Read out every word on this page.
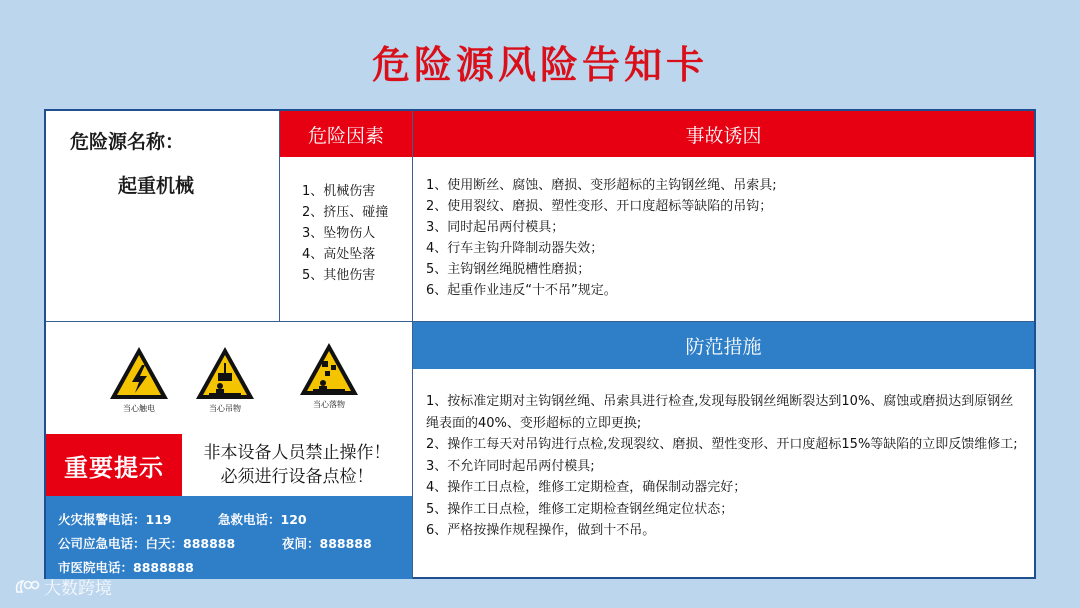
危险源风险告知卡
危险源名称：
起重机械
危险因素
1、机械伤害
2、挤压、碰撞
3、坠物伤人
4、高处坠落
5、其他伤害
事故诱因
1、使用断丝、腐蚀、磨损、变形超标的主钩钢丝绳、吊索具;
2、使用裂纹、磨损、塑性变形、开口度超标等缺陷的吊钩；
3、同时起吊两付模具；
4、行车主钩升降制动器失效；
5、主钩钢丝绳脱槽性磨损；
6、起重作业违反“十不吊”规定。
当心触电	当心吊物	当心落物
重要提示
非本设备人员禁止操作！
必须进行设备点检！
火灾报警电话：119	急救电话：120
公司应急电话：白天：888888	夜间：888888
市医院电话：8888888
防范措施
1、按标准定期对主钩钢丝绳、吊索具进行检查,发现每股钢丝绳断裂达到10%、腐蚀或磨损达到原钢丝绳表面的40%、变形超标的立即更换;
2、操作工每天对吊钩进行点检,发现裂纹、磨损、塑性变形、开口度超标15%等缺陷的立即反馈维修工;
3、不允许同时起吊两付模具;
4、操作工日点检，维修工定期检查，确保制动器完好；
5、操作工日点检，维修工定期检查钢丝绳定位状态；
6、严格按操作规程操作，做到十不吊。
大数跨境
